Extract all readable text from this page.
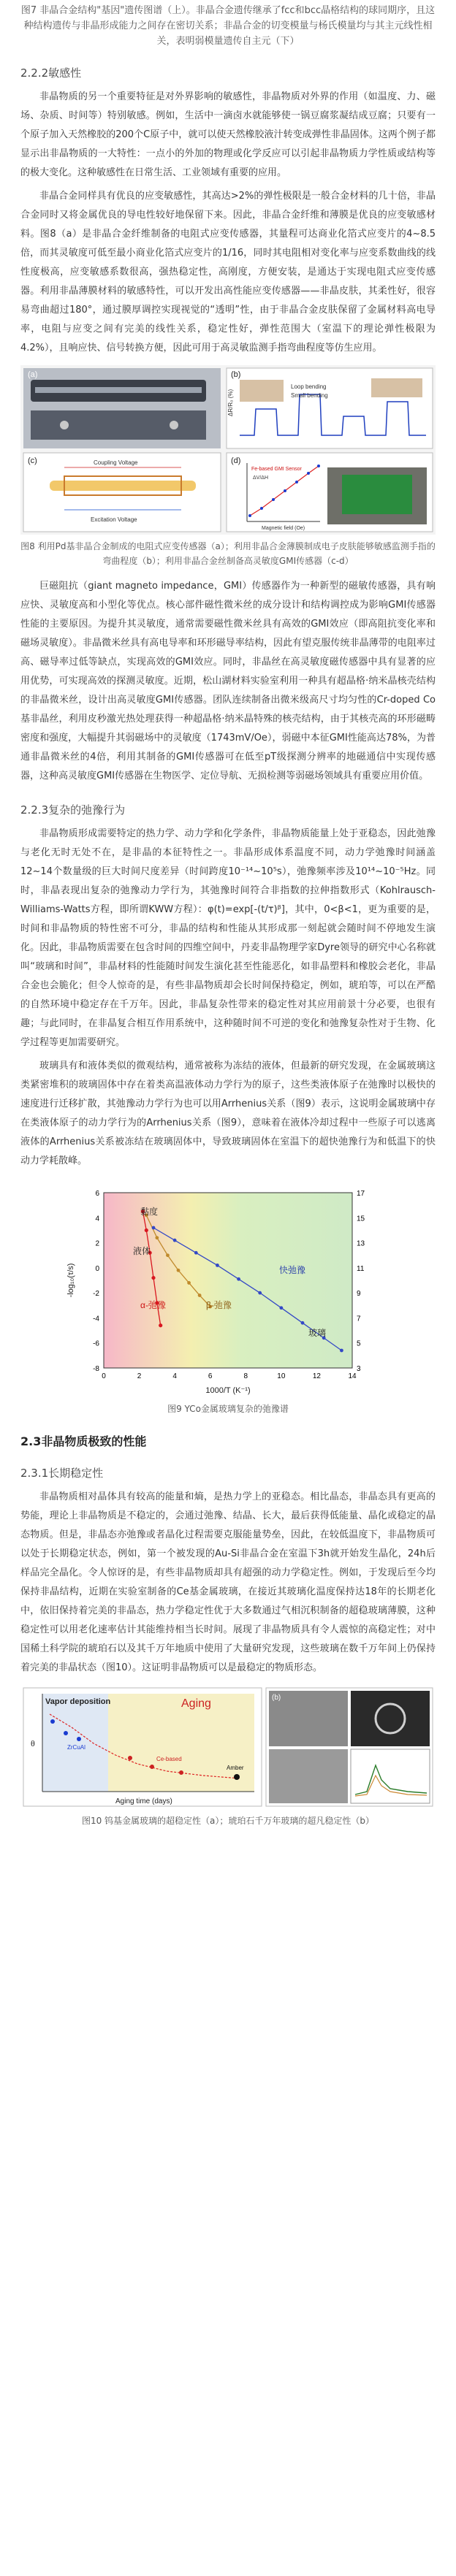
图7 非晶合金结构"基因"遗传图谱（上）。非晶合金遗传继承了fcc和bcc晶格结构的球同期序，且这种结构遗传与非晶形成能力之间存在密切关系；非晶合金的切变模量与杨氏模量均与其主元线性相关，表明弱模量遗传自主元（下）
2.2.2敏感性

非晶物质的另一个重要特征是对外界影响的敏感性，非晶物质对外界的作用（如温度、力、磁场、杂质、时间等）特别敏感。例如，生活中一滴卤水就能够使一锅豆腐浆凝结成豆腐；只要有一个原子加入天然橡胶的200个C原子中，就可以使天然橡胶液汁转变成弹性非晶固体。这两个例子都显示出非晶物质的一大特性：一点小的外加的物理或化学反应可以引起非晶物质力学性质或结构等的极大变化。这种敏感性在日常生活、工业领域有重要的应用。

非晶合金同样具有优良的应变敏感性，其高达>2%的弹性极限是一般合金材料的几十倍，非晶合金同时又将金属优良的导电性较好地保留下来。因此，非晶合金纤维和薄膜是优良的应变敏感材料。图8（a）是非晶合金纤维制备的电阻式应变传感器，其量程可达商业化箔式应变片的4~8.5倍，而其灵敏度可低至最小商业化箔式应变片的1/16，同时其电阻相对变化率与应变系数曲线的线性度极高，应变敏感系数很高，强热稳定性，高刚度，方便安装，是通达于实现电阻式应变传感器。利用非晶薄膜材料的敏感特性，可以开发出高性能应变传感器——非晶皮肤，其柔性好，很容易弯曲超过180°，通过膜厚调控实现视觉的“透明”性，由于非晶合金皮肤保留了金属材料高电导率，电阻与应变之间有完美的线性关系，稳定性好，弹性范围大（室温下的理论弹性极限为4.2%），且响应快、信号转换方便，因此可用于高灵敏监测手指弯曲程度等仿生应用。

(a)	(b)
Loop bending
Small bending
ΔR/R₀ (%)
(c)	Coupling Voltage
Excitation Voltage
(d)
Fe-based GMI Sensor
ΔV/ΔH
Magnetic field (Oe)
图8 利用Pd基非晶合金制成的电阻式应变传感器（a）；利用非晶合金薄膜制成电子皮肤能够敏感监测手指的弯曲程度（b）；利用非晶合金丝制备高灵敏度GMI传感器（c-d）

巨磁阻抗（giant magneto impedance，GMI）传感器作为一种新型的磁敏传感器，具有响应快、灵敏度高和小型化等优点。核心部件磁性微米丝的成分设计和结构调控成为影响GMI传感器性能的主要原因。为提升其灵敏度，通常需要磁性微米丝具有高效的GMI效应（即高阻抗变化率和磁场灵敏度）。非晶微米丝具有高电导率和环形磁导率结构，因此有望克服传统非晶薄带的电阻率过高、磁导率过低等缺点，实现高效的GMI效应。同时，非晶丝在高灵敏度磁传感器中具有显著的应用优势，可实现高效的探测灵敏度。近期，松山湖材料实验室利用一种具有超晶格·纳米晶核壳结构的非晶微米丝，设计出高灵敏度GMI传感器。团队连续制备出微米级高尺寸均匀性的Cr-doped Co基非晶丝，利用皮秒激光热处理获得一种超晶格·纳米晶特殊的核壳结构，由于其核壳高的环形磁畴密度和强度，大幅提升其弱磁场中的灵敏度（1743mV/Oe），弱磁中本征GMI性能高达78%，为普通非晶微米丝的4倍，利用其制备的GMI传感器可在低至pT级探测分辨率的地磁通信中实现传感器，这种高灵敏度GMI传感器在生物医学、定位导航、无损检测等弱磁场领域具有重要应用价值。

2.2.3复杂的弛豫行为

非晶物质形成需要特定的热力学、动力学和化学条件，非晶物质能量上处于亚稳态，因此弛豫与老化无时无处不在，是非晶的本征特性之一。非晶形成体系温度不同，动力学弛豫时间涵盖12~14个数量级的巨大时间尺度差异（时间跨度10⁻¹⁴~10⁵s），弛豫频率涉及10¹⁴~10⁻⁵Hz。同时，非晶表现出复杂的弛豫动力学行为，其弛豫时间符合非指数的拉伸指数形式（Kohlrausch-Williams-Watts方程，即所谓KWW方程）：φ(t)=exp[-(t/τ)ᵝ]，其中，0<β<1，更为重要的是，时间和非晶物质的特性密不可分，非晶的结构和性能从其形成那一刻起就会随时间不停地发生演化。因此，非晶物质需要在包含时间的四维空间中，丹麦非晶物理学家Dyre领导的研究中心名称就叫“玻璃和时间”，非晶材料的性能随时间发生演化甚至性能恶化，如非晶塑料和橡胶会老化，非晶合金也会脆化；但令人惊奇的是，有些非晶物质却会长时间保持稳定，例如，琥珀等，可以在严酷的自然环境中稳定存在千万年。因此，非晶复杂性带来的稳定性对其应用前景十分必要，也很有趣；与此同时，在非晶复合相互作用系统中，这种随时间不可逆的变化和弛豫复杂性对于生物、化学过程等更加需要研究。

玻璃具有和液体类似的微观结构，通常被称为冻结的液体，但最新的研究发现，在金属玻璃这类紧密堆积的玻璃固体中存在着类高温液体动力学行为的原子，这些类液体原子在弛豫时以极快的速度进行迁移扩散，其弛豫动力学行为也可以用Arrhenius关系（图9）表示，这说明金属玻璃中存在类液体原子的动力学行为的Arrhenius关系（图9），意味着在液体冷却过程中一些原子可以逃离液体的Arrhenius关系被冻结在玻璃固体中，导致玻璃固体在室温下的超快弛豫行为和低温下的快动力学耗散峰。

0	2	4	6	8	10	12	14
6
4
2
0
-2
-4
-6
-8
17
15
13
11
9
7
5
3
1000/T (K⁻¹)
-log₁₀(τ/s)
黏度
液体
α-弛豫	β-弛豫
快弛豫
玻璃
图9 YCo金属玻璃复杂的弛豫谱
2.3非晶物质极致的性能
2.3.1长期稳定性

非晶物质相对晶体具有较高的能量和熵，是热力学上的亚稳态。相比晶态，非晶态具有更高的势能，理论上非晶物质是不稳定的，会通过弛豫、结晶、长大，最后获得低能量、晶化或稳定的晶态物质。但是，非晶态亦弛豫或者晶化过程需要克服能量势垒，因此，在较低温度下，非晶物质可以处于长期稳定状态，例如，第一个被发现的Au-Si非晶合金在室温下3h就开始发生晶化，24h后样品完全晶化。令人惊讶的是，有些非晶物质却具有超强的动力学稳定性。例如，于发现后至今均保持非晶结构，近期在实验室制备的Ce基金属玻璃，在接近其玻璃化温度保持达18年的长期老化中，依旧保持着完美的非晶态，热力学稳定性优于大多数通过气相沉积制备的超稳玻璃薄膜，这种稳定性可以用老化速率估计其能维持相当长时间。展现了非晶物质具有令人震惊的高稳定性；对中国稀土科学院的琥珀石以及其千万年地质中使用了大量研究发现，这些玻璃在数千万年间上仍保持着完美的非晶状态（图10）。这证明非晶物质可以是最稳定的物质形态。

Vapor deposition	Aging
Aging time (days)
θ
Amber
ZrCuAl
Ce-based
(b)
图10 钨基金属玻璃的超稳定性（a）；琥珀石千万年玻璃的超凡稳定性（b）
